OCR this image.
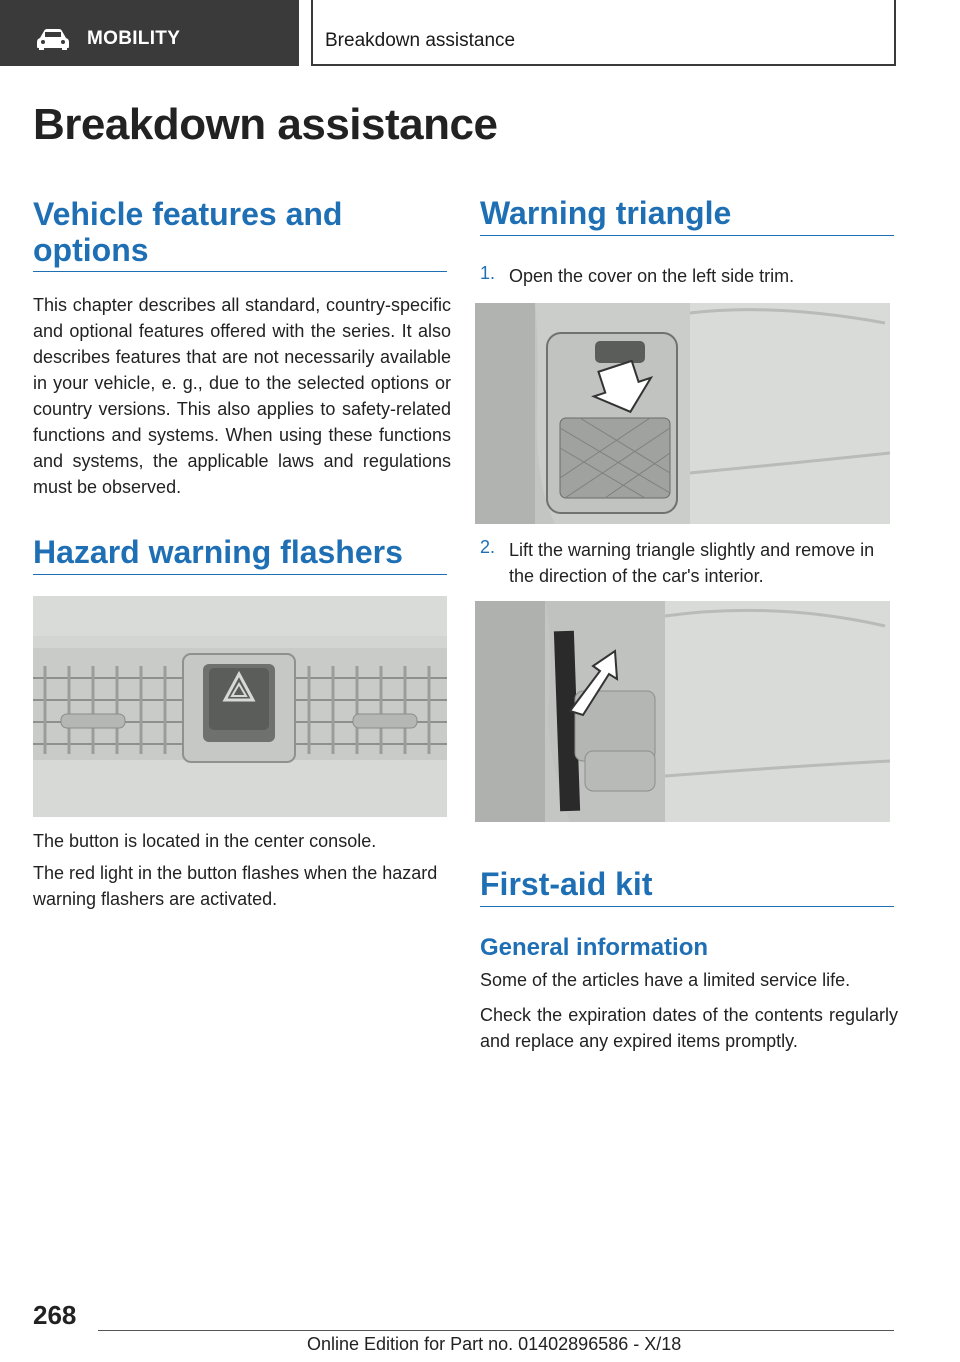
MOBILITY	Breakdown assistance
Breakdown assistance
Vehicle features and options
This chapter describes all standard, country-specific and optional features offered with the series. It also describes features that are not necessarily available in your vehicle, e. g., due to the selected options or country versions. This also applies to safety-related functions and systems. When using these functions and systems, the applicable laws and regulations must be observed.
Hazard warning flashers
The button is located in the center console.
The red light in the button flashes when the hazard warning flashers are activated.
Warning triangle
1. Open the cover on the left side trim.
2. Lift the warning triangle slightly and remove in the direction of the car's interior.
First-aid kit
General information
Some of the articles have a limited service life.
Check the expiration dates of the contents regularly and replace any expired items promptly.
268
Online Edition for Part no. 01402896586 - X/18
